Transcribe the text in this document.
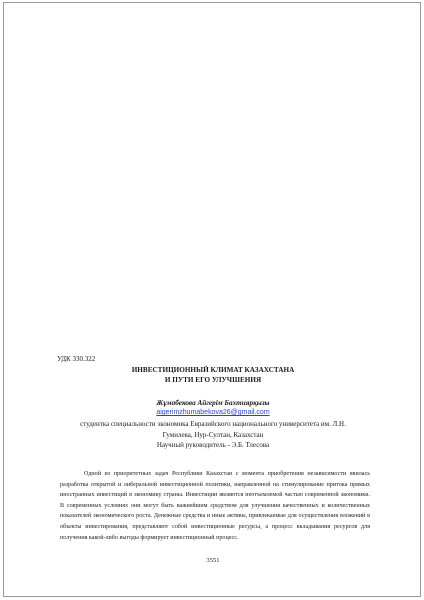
УДК 330.322
ИНВЕСТИЦИОННЫЙ КЛИМАТ КАЗАХСТАНА
И ПУТИ ЕГО УЛУЧШЕНИЯ
Жұмабекова Айгерім Бахтиярқызы
aigerimzhumabekova26@gmail.com
студентка специальности экономика Евразийского национального университета им. Л.Н.
Гумилева, Нур-Султан, Казахстан
Научный руководитель - Э.Б. Тлесова

Одной из приоритетных задач Республики Казахстан с момента приобретения независимости явилась разработка открытой и либеральной инвестиционной политики, направленной на стимулирование притока прямых иностранных инвестиций в экономику страны. Инвестиции являются неотъемлемой частью современной экономики. В современных условиях они могут быть важнейшим средством для улучшения качественных и количественных показателей экономического роста. Денежные средства и иные активы, привлекаемые для осуществления вложений в объекты инвестирования, представляют собой инвестиционные ресурсы, а процесс вкладывания ресурсов для получения какой-либо выгоды формирует инвестиционный процесс.

3551
